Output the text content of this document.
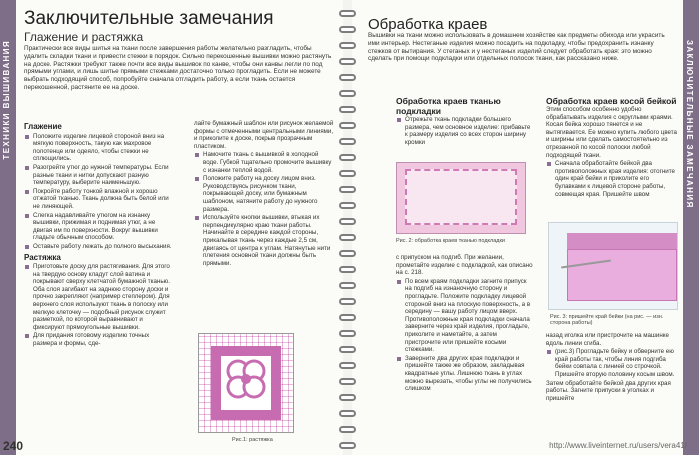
ТЕХНИКИ ВЫШИВАНИЯ
240
Заключительные замечания
Глажение и растяжка
Практически все виды шитья на ткани после завершения работы желательно разгладить, чтобы удалить складки ткани и привести стежки в порядок. Сильно перекошенные вышивки можно растянуть на доске. Растяжки требуют также почти все виды вышивок по канве, чтобы они канвы легли по под прямыми углами, и лишь шитье прямыми стежками достаточно только прогладить. Если не можете выбрать подходящий способ, попробуйте сначала отгладить работу, а если ткань остается перекошенной, растяните ее на доске.
Глажение

Положите изделие лицевой стороной вниз на мягкую поверхность, такую как махровое полотенце или одеяло, чтобы стежки не сплющились.

Разогрейте утюг до нужной температуры. Если разные ткани и нитки допускают разную температуру, выберите наименьшую.

Покройте работу тонкой влажной и хорошо отжатой тканью. Ткань должна быть белой или не линяющей.

Слегка надавливайте утюгом на изнанку вышивки, прижимая и поднимая утюг, а не двигая им по поверхности. Вокруг вышивки гладьте обычным способом.

Оставьте работу лежать до полного высыхания.

Растяжка

Приготовьте доску для растягивания. Для этого на твердую основу кладут слой ватина и покрывают сверху клетчатой бумажной тканью. Оба слоя загибают на заднюю сторону доски и прочно закрепляют (например степлером). Для верхнего слоя используют ткань в полоску или мелкую клеточку — подобный рисунок служит разметкой, по которой выравнивают и фиксируют прямоугольные вышивки.

Для придания готовому изделию точных размера и формы, сде-

лайте бумажный шаблон или рисунок желаемой формы с отмеченными центральными линиями, и приколите к доске, покрыв прозрачным пластиком.

Намочите ткань с вышивкой в холодной воде. Губкой тщательно промочите вышивку с изнанки теплой водой.

Положите работу на доску лицом вниз. Руководствуясь рисунком ткани, покрывающей доску, или бумажным шаблоном, натяните работу до нужного размера.

Используйте кнопки вышивки, втыкая их перпендикулярно краю ткани работы. Начинайте в середине каждой стороны, прикалывая ткань через каждые 2,5 см, двигаясь от центра к углам. Натянутые нити плетения основной ткани должны быть прямыми.

Рис.1: растяжка
ЗАКЛЮЧИТЕЛЬНЫЕ ЗАМЕЧАНИЯ
Обработка краев
Вышивки на ткани можно использовать в домашнем хозяйстве как предметы обихода или украсить ими интерьер. Нестеганые изделия можно посадить на подкладку, чтобы предохранить изнанку стежков от вытирания. У стеганых и у нестеганых изделий следует обработать края: это можно сделать при помощи подкладки или отдельных полосок ткани, как рассказано ниже.
Обработка краев тканью подкладки

Отрежьте ткань подкладки большего размера, чем основное изделие: прибавьте к размеру изделия со всех сторон ширину кромки

Рис. 2: обработка краев тканью подкладки

с припуском на подгиб. При желании, прометайте изделие с подкладкой, как описано на с. 218.

По всем краям подкладки загните припуск на подгиб на изнаночную сторону и прогладьте. Положите подкладку лицевой стороной вниз на плоскую поверхность, а в середину — вашу работу лицом вверх. Противоположные края подкладки сначала заверните через край изделия, прогладьте, приколите и наметайте, а затем пристрочите или пришейте косыми стежками.

Заверните два других края подкладки и пришейте также же образом, закладывая квадратные углы. Лишнюю ткань в углах можно вырезать, чтобы углы не получились слишком

Обработка краев косой бейкой

Этим способом особенно удобно обрабатывать изделия с округлыми краями. Косая бейка хорошо тянется и не вытягивается. Ее можно купить любого цвета и ширины или сделать самостоятельно из отрезанной по косой полоски любой подходящей ткани.

Сначала обработайте бейкой два противоположных края изделия: отогните один край бейки и приколите его булавками к лицевой стороне работы, совмещая края. Пришейте швом

Рис. 3: пришейте край бейки (на рис. — изн. сторона работы)

назад иголка или пристрочите на машинке вдоль линии сгиба.

(рис.3) Прогладьте бейку и обверните ею край работы так, чтобы линия подгиба бейки совпала с линией со строчкой. Пришейте вторую половину косым швом.

Затем обработайте бейкой два других края работы. Загните припуски в уголках и пришейте

http://www.liveinternet.ru/users/vera41/
